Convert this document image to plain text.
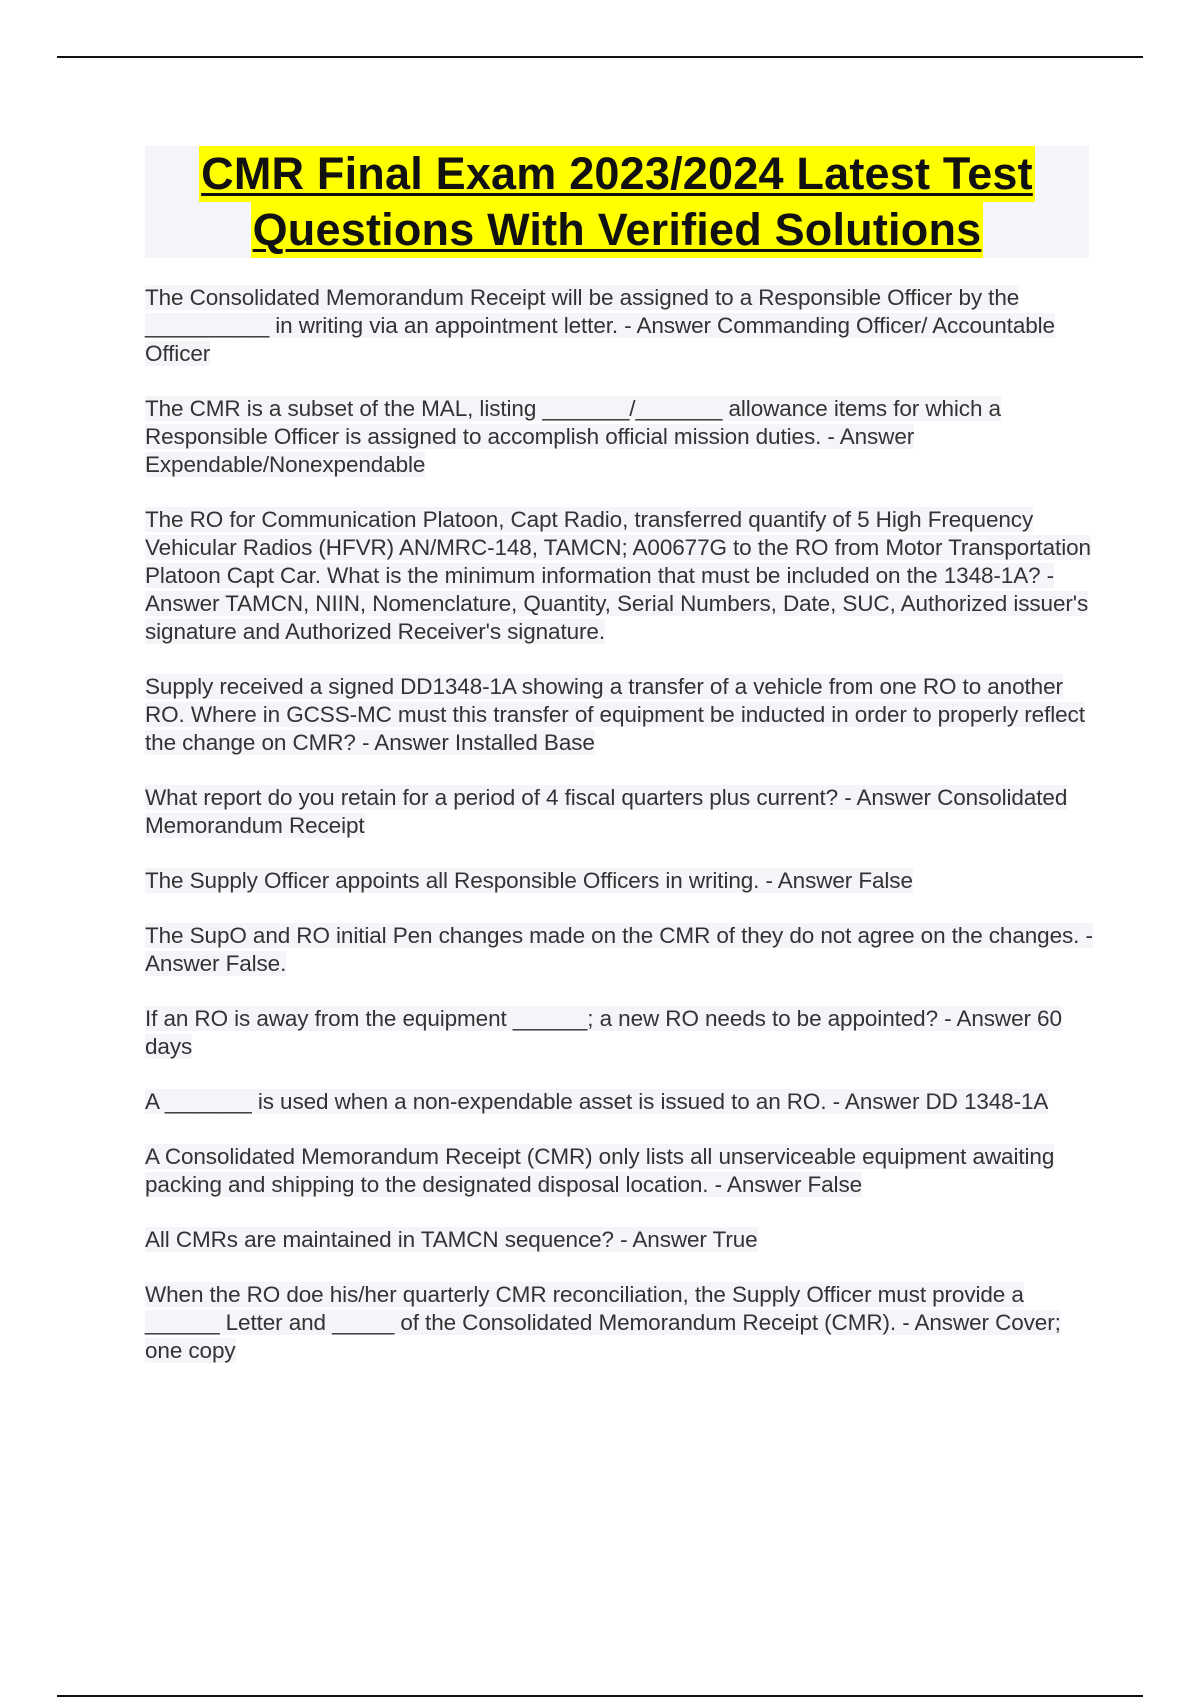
CMR Final Exam 2023/2024 Latest Test
Questions With Verified Solutions

The Consolidated Memorandum Receipt will be assigned to a Responsible Officer by the __________ in writing via an appointment letter. - Answer Commanding Officer/ Accountable Officer

The CMR is a subset of the MAL, listing _______/_______ allowance items for which a Responsible Officer is assigned to accomplish official mission duties. - Answer Expendable/Nonexpendable

The RO for Communication Platoon, Capt Radio, transferred quantify of 5 High Frequency Vehicular Radios (HFVR) AN/MRC-148, TAMCN; A00677G to the RO from Motor Transportation Platoon Capt Car. What is the minimum information that must be included on the 1348-1A? - Answer TAMCN, NIIN, Nomenclature, Quantity, Serial Numbers, Date, SUC, Authorized issuer's signature and Authorized Receiver's signature.

Supply received a signed DD1348-1A showing a transfer of a vehicle from one RO to another RO. Where in GCSS-MC must this transfer of equipment be inducted in order to properly reflect the change on CMR? - Answer Installed Base

What report do you retain for a period of 4 fiscal quarters plus current? - Answer Consolidated Memorandum Receipt

The Supply Officer appoints all Responsible Officers in writing. - Answer False

The SupO and RO initial Pen changes made on the CMR of they do not agree on the changes. - Answer False.

If an RO is away from the equipment ______; a new RO needs to be appointed? - Answer 60 days

A _______ is used when a non-expendable asset is issued to an RO. - Answer DD 1348-1A

A Consolidated Memorandum Receipt (CMR) only lists all unserviceable equipment awaiting packing and shipping to the designated disposal location. - Answer False

All CMRs are maintained in TAMCN sequence? - Answer True

When the RO doe his/her quarterly CMR reconciliation, the Supply Officer must provide a ______ Letter and _____ of the Consolidated Memorandum Receipt (CMR). - Answer Cover; one copy
